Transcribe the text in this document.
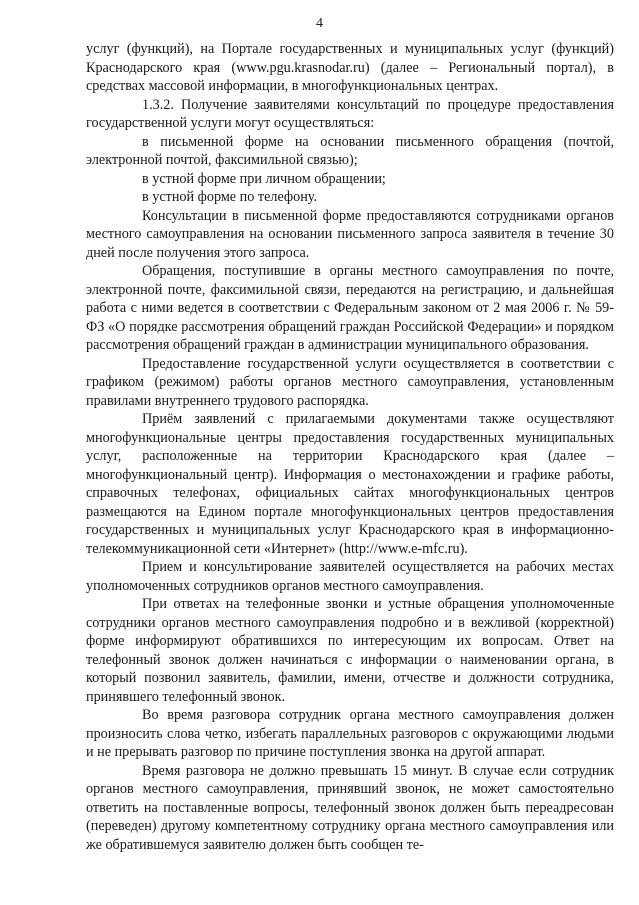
4

услуг (функций), на Портале государственных и муниципальных услуг (функций) Краснодарского края (www.pgu.krasnodar.ru) (далее – Региональный портал), в средствах массовой информации, в многофункциональных центрах.

1.3.2. Получение заявителями консультаций по процедуре предоставления государственной услуги могут осуществляться:

в письменной форме на основании письменного обращения (почтой, электронной почтой, факсимильной связью);

в устной форме при личном обращении;

в устной форме по телефону.

Консультации в письменной форме предоставляются сотрудниками органов местного самоуправления на основании письменного запроса заявителя в течение 30 дней после получения этого запроса.

Обращения, поступившие в органы местного самоуправления по почте, электронной почте, факсимильной связи, передаются на регистрацию, и дальнейшая работа с ними ведется в соответствии с Федеральным законом от 2 мая 2006 г. № 59-ФЗ «О порядке рассмотрения обращений граждан Российской Федерации» и порядком рассмотрения обращений граждан в администрации муниципального образования.

Предоставление государственной услуги осуществляется в соответствии с графиком (режимом) работы органов местного самоуправления, установленным правилами внутреннего трудового распорядка.

Приём заявлений с прилагаемыми документами также осуществляют многофункциональные центры предоставления государственных муниципальных услуг, расположенные на территории Краснодарского края (далее – многофункциональный центр). Информация о местонахождении и графике работы, справочных телефонах, официальных сайтах многофункциональных центров размещаются на Едином портале многофункциональных центров предоставления государственных и муниципальных услуг Краснодарского края в информационно-телекоммуникационной сети «Интернет» (http://www.e-mfc.ru).

Прием и консультирование заявителей осуществляется на рабочих местах уполномоченных сотрудников органов местного самоуправления.

При ответах на телефонные звонки и устные обращения уполномоченные сотрудники органов местного самоуправления подробно и в вежливой (корректной) форме информируют обратившихся по интересующим их вопросам. Ответ на телефонный звонок должен начинаться с информации о наименовании органа, в который позвонил заявитель, фамилии, имени, отчестве и должности сотрудника, принявшего телефонный звонок.

Во время разговора сотрудник органа местного самоуправления должен произносить слова четко, избегать параллельных разговоров с окружающими людьми и не прерывать разговор по причине поступления звонка на другой аппарат.

Время разговора не должно превышать 15 минут. В случае если сотрудник органов местного самоуправления, принявший звонок, не может самостоятельно ответить на поставленные вопросы, телефонный звонок должен быть переадресован (переведен) другому компетентному сотруднику органа местного самоуправления или же обратившемуся заявителю должен быть сообщен те-
